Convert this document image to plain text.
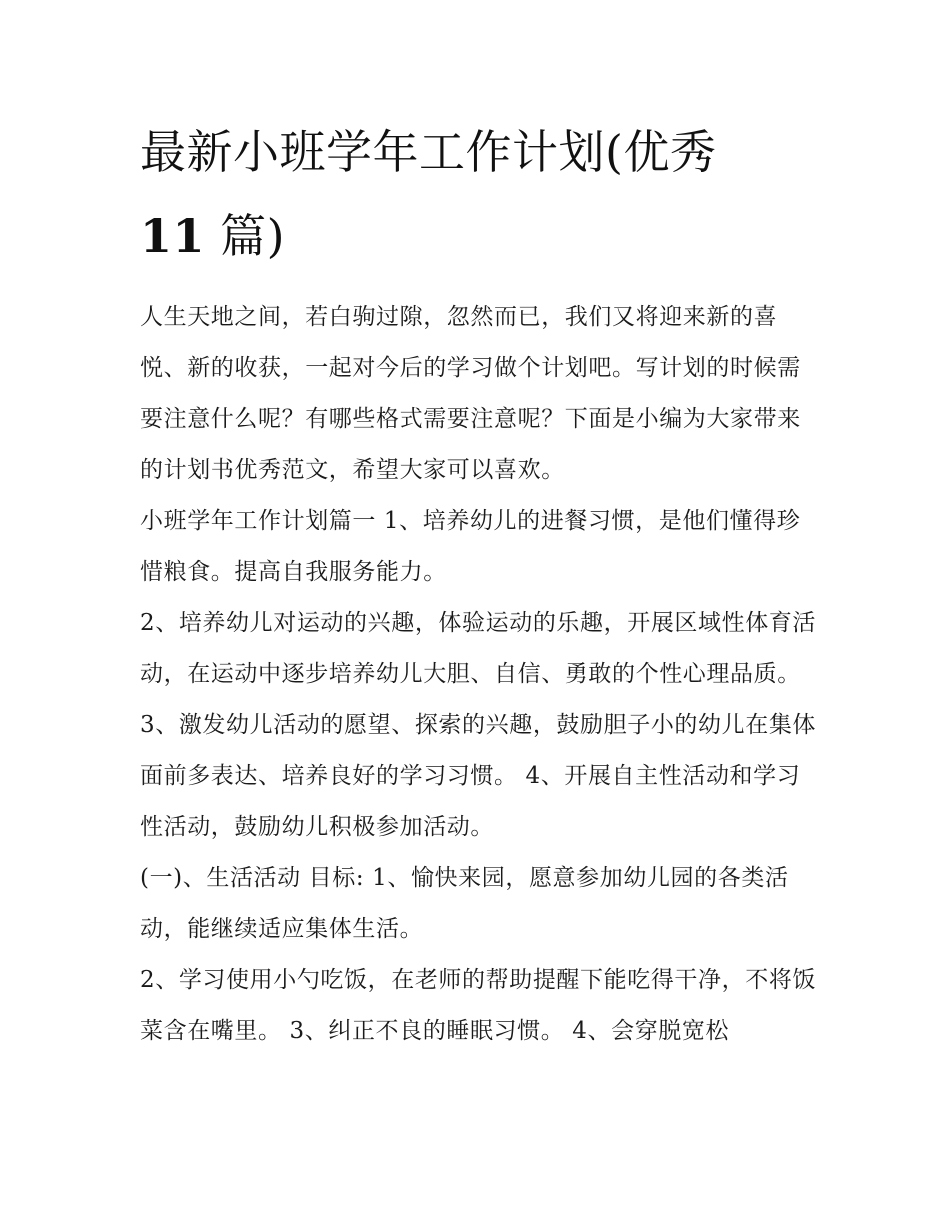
最新小班学年工作计划(优秀
11 篇)

人生天地之间，若白驹过隙，忽然而已，我们又将迎来新的喜悦、新的收获，一起对今后的学习做个计划吧。写计划的时候需要注意什么呢？有哪些格式需要注意呢？下面是小编为大家带来的计划书优秀范文，希望大家可以喜欢。

小班学年工作计划篇一 1、培养幼儿的进餐习惯，是他们懂得珍惜粮食。提高自我服务能力。

2、培养幼儿对运动的兴趣，体验运动的乐趣，开展区域性体育活动，在运动中逐步培养幼儿大胆、自信、勇敢的个性心理品质。

3、激发幼儿活动的愿望、探索的兴趣，鼓励胆子小的幼儿在集体面前多表达、培养良好的学习习惯。 4、开展自主性活动和学习性活动，鼓励幼儿积极参加活动。

(一)、生活活动 目标: 1、愉快来园，愿意参加幼儿园的各类活动，能继续适应集体生活。

2、学习使用小勺吃饭，在老师的帮助提醒下能吃得干净，不将饭菜含在嘴里。 3、纠正不良的睡眠习惯。 4、会穿脱宽松
